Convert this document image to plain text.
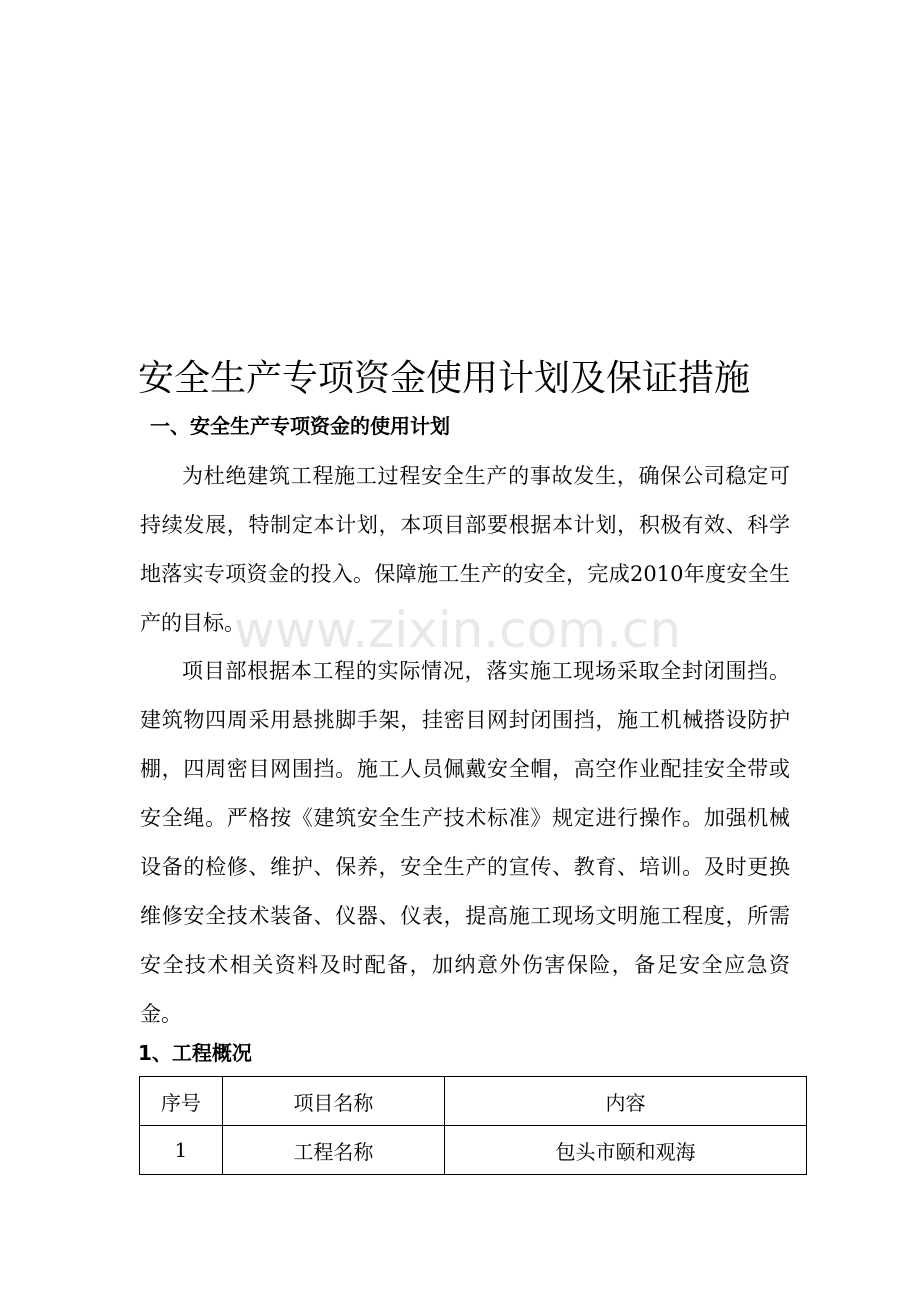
安全生产专项资金使用计划及保证措施
一、安全生产专项资金的使用计划

为杜绝建筑工程施工过程安全生产的事故发生，确保公司稳定可持续发展，特制定本计划，本项目部要根据本计划，积极有效、科学地落实专项资金的投入。保障施工生产的安全，完成2010年度安全生产的目标。

www.zixin.com.cn

项目部根据本工程的实际情况，落实施工现场采取全封闭围挡。建筑物四周采用悬挑脚手架，挂密目网封闭围挡，施工机械搭设防护棚，四周密目网围挡。施工人员佩戴安全帽，高空作业配挂安全带或安全绳。严格按《建筑安全生产技术标准》规定进行操作。加强机械设备的检修、维护、保养，安全生产的宣传、教育、培训。及时更换维修安全技术装备、仪器、仪表，提高施工现场文明施工程度，所需安全技术相关资料及时配备，加纳意外伤害保险，备足安全应急资金。

1、工程概况
序号	项目名称	内容
1	工程名称	包头市颐和观海
